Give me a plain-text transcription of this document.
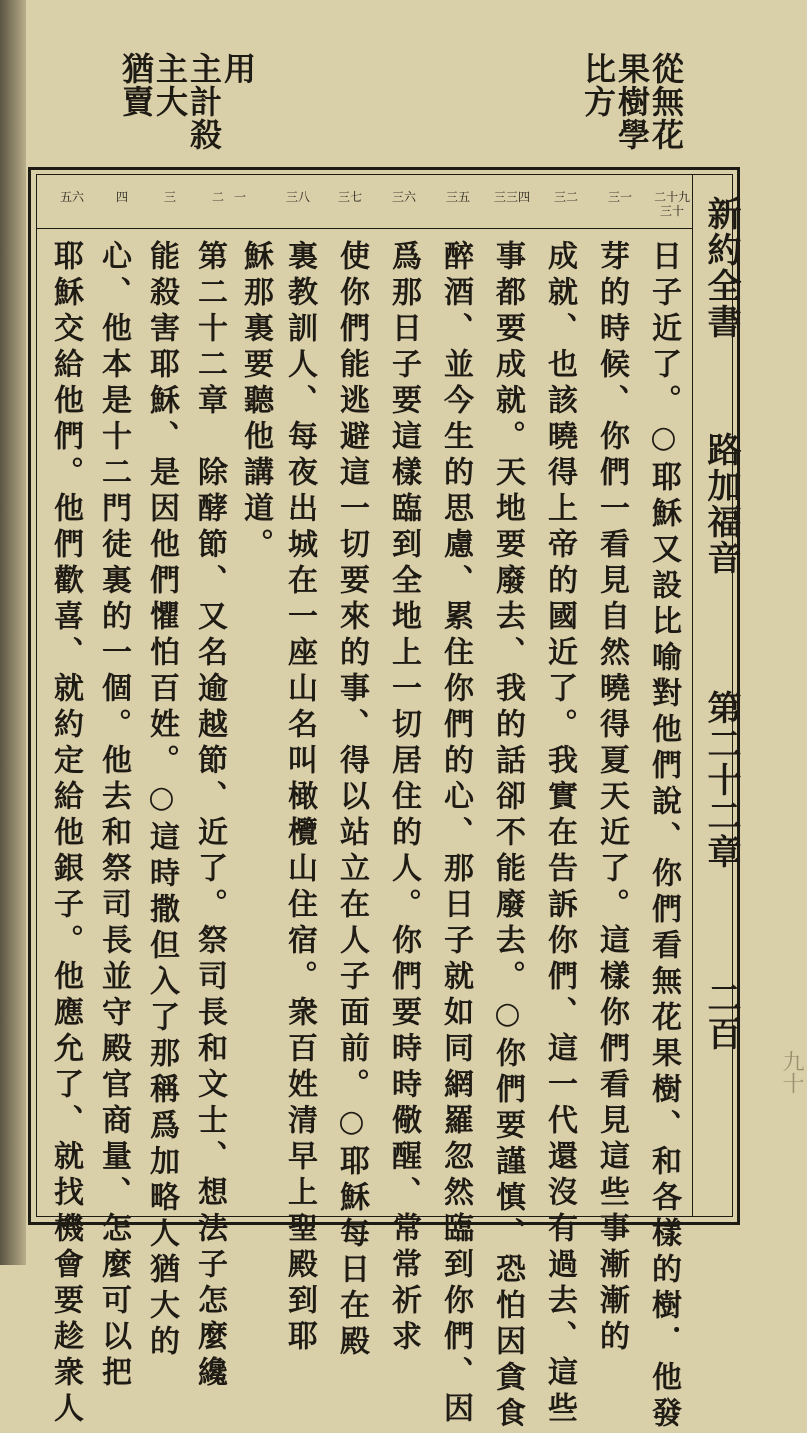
從無花
果樹學
比方
用
主計殺
主大
猶賣
新約全書
路加福音
第二十二章
二百
二十九
三一
三二
三三四
三五
三六
三七
三八
一
二
三
四
五六
三十
日子近了。○耶穌又設比喻對他們說、你們看無花果樹、和各樣的樹．他發
芽的時候、你們一看見自然曉得夏天近了。這樣你們看見這些事漸漸的
成就、也該曉得上帝的國近了。我實在告訴你們、這一代還沒有過去、這些
事都要成就。天地要廢去、我的話卻不能廢去。○你們要謹慎、恐怕因貪食
醉酒、並今生的思慮、累住你們的心、那日子就如同網羅忽然臨到你們、因
爲那日子要這樣臨到全地上一切居住的人。你們要時時儆醒、常常祈求
使你們能逃避這一切要來的事、得以站立在人子面前。○耶穌每日在殿
裏教訓人、每夜出城在一座山名叫橄欖山住宿。衆百姓清早上聖殿到耶
穌那裏要聽他講道。
第二十二章　除酵節、又名逾越節、近了。祭司長和文士、想法子怎麼纔
能殺害耶穌、是因他們懼怕百姓。○這時撒但入了那稱爲加略人猶大的
心、他本是十二門徒裏的一個。他去和祭司長並守殿官商量、怎麼可以把
耶穌交給他們。他們歡喜、就約定給他銀子。他應允了、就找機會要趁衆人	九十
